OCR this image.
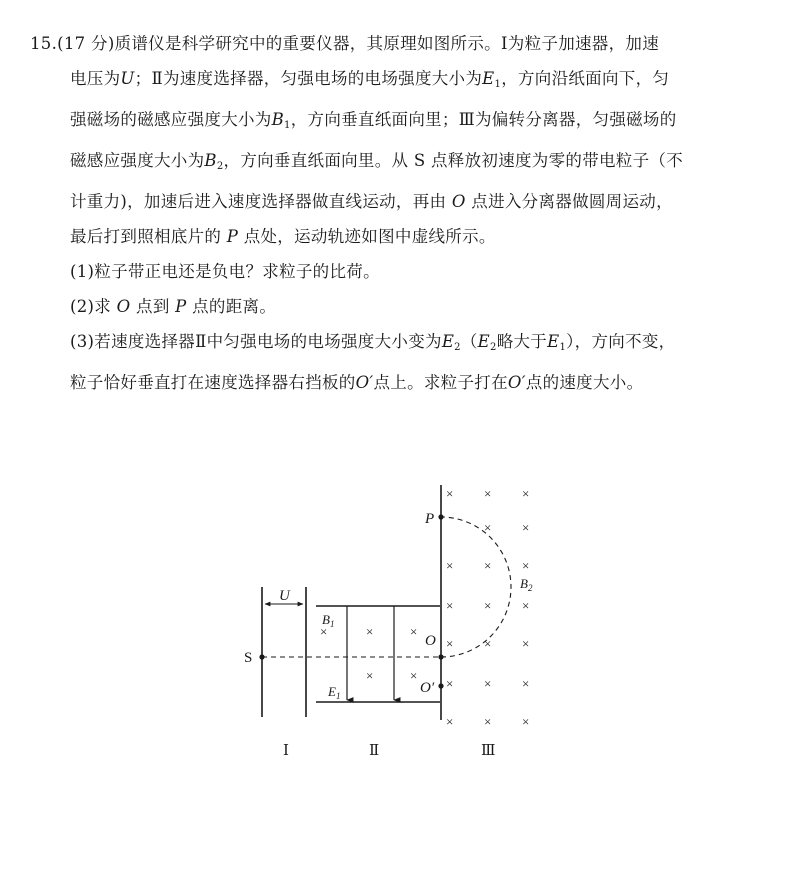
15.(17 分)质谱仪是科学研究中的重要仪器，其原理如图所示。Ⅰ为粒子加速器，加速
电压为U；Ⅱ为速度选择器，匀强电场的电场强度大小为$E_1$，方向沿纸面向下，匀
强磁场的磁感应强度大小为$B_1$，方向垂直纸面向里；Ⅲ为偏转分离器，匀强磁场的
磁感应强度大小为$B_2$，方向垂直纸面向里。从 S 点释放初速度为零的带电粒子（不
计重力)，加速后进入速度选择器做直线运动，再由 O 点进入分离器做圆周运动，
最后打到照相底片的 P 点处，运动轨迹如图中虚线所示。
(1)粒子带正电还是负电？求粒子的比荷。
(2)求 O 点到 P 点的距离。
(3)若速度选择器Ⅱ中匀强电场的电场强度大小变为$E_2(E_2$略大于$E_1$），方向不变，
粒子恰好垂直打在速度选择器右挡板的O′点上。求粒子打在O′点的速度大小。
U
S
×	×	×
×	×
$B_1$
$E_1$
P
O
O′
$B_2$
× × ×
× ×
× × ×
× × ×
× × ×
× × ×
× × ×
Ⅰ	Ⅱ	Ⅲ
